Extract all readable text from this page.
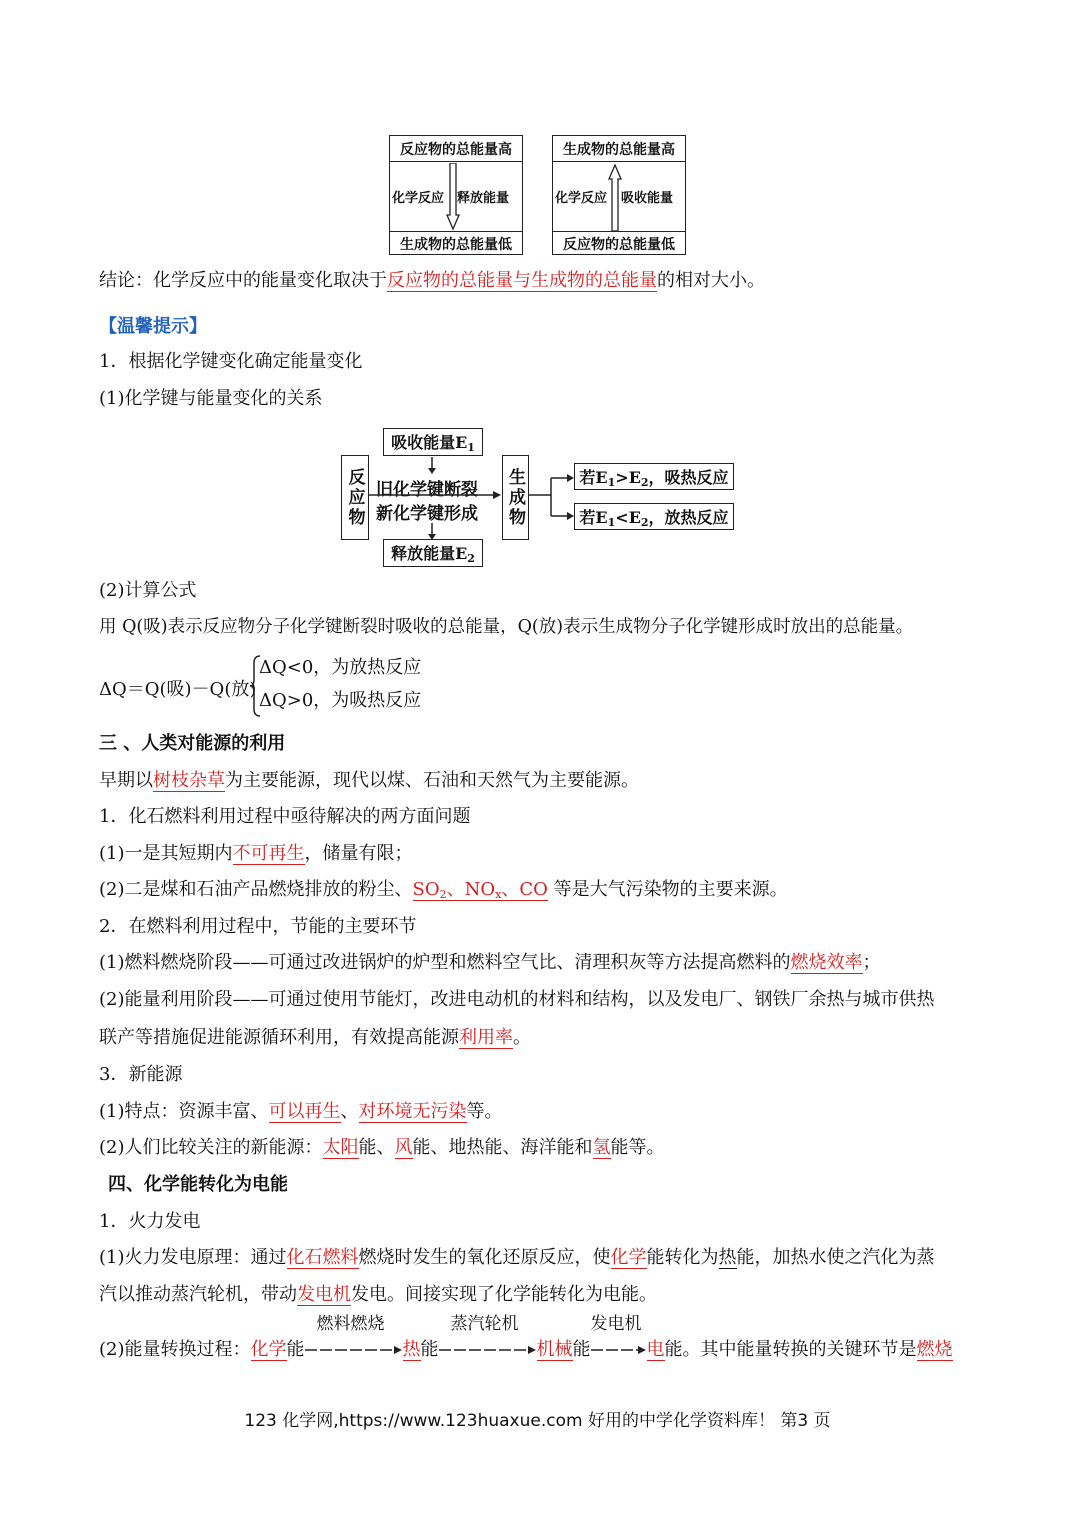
反应物的总能量高
化学反应 释放能量
生成物的总能量低
生成物的总能量高
化学反应 吸收能量
反应物的总能量低
结论：化学反应中的能量变化取决于反应物的总能量与生成物的总能量的相对大小。
【温馨提示】
1．根据化学键变化确定能量变化
(1)化学键与能量变化的关系
反应物
吸收能量$E_1$
旧化学键断裂
新化学键形成
释放能量$E_2$
生成物	若$E_1>E_2$，吸热反应
若$E_1<E_2$，放热反应
(2)计算公式
用 Q(吸)表示反应物分子化学键断裂时吸收的总能量，Q(放)表示生成物分子化学键形成时放出的总能量。
ΔQ＝Q(吸)－Q(放)
ΔQ<0，为放热反应
ΔQ>0，为吸热反应
三 、人类对能源的利用
早期以树枝杂草为主要能源，现代以煤、石油和天然气为主要能源。
1．化石燃料利用过程中亟待解决的两方面问题
(1)一是其短期内不可再生，储量有限；
(2)二是煤和石油产品燃烧排放的粉尘、$SO_2$、$NO_x$、CO 等是大气污染物的主要来源。
2．在燃料利用过程中，节能的主要环节
(1)燃料燃烧阶段——可通过改进锅炉的炉型和燃料空气比、清理积灰等方法提高燃料的燃烧效率；
(2)能量利用阶段——可通过使用节能灯，改进电动机的材料和结构，以及发电厂、钢铁厂余热与城市供热
联产等措施促进能源循环利用，有效提高能源利用率。
3．新能源
(1)特点：资源丰富、可以再生、对环境无污染等。
(2)人们比较关注的新能源：太阳能、风能、地热能、海洋能和氢能等。
四、化学能转化为电能
1．火力发电
(1)火力发电原理：通过化石燃料燃烧时发生的氧化还原反应，使化学能转化为热能，加热水使之汽化为蒸
汽以推动蒸汽轮机，带动发电机发电。间接实现了化学能转化为电能。
(2)能量转换过程：化学能
燃料燃烧
热能
蒸汽轮机
机械能
发电机
电能。其中能量转换的关键环节是燃烧
123 化学网,https://www.123huaxue.com 好用的中学化学资料库！ 第3 页
